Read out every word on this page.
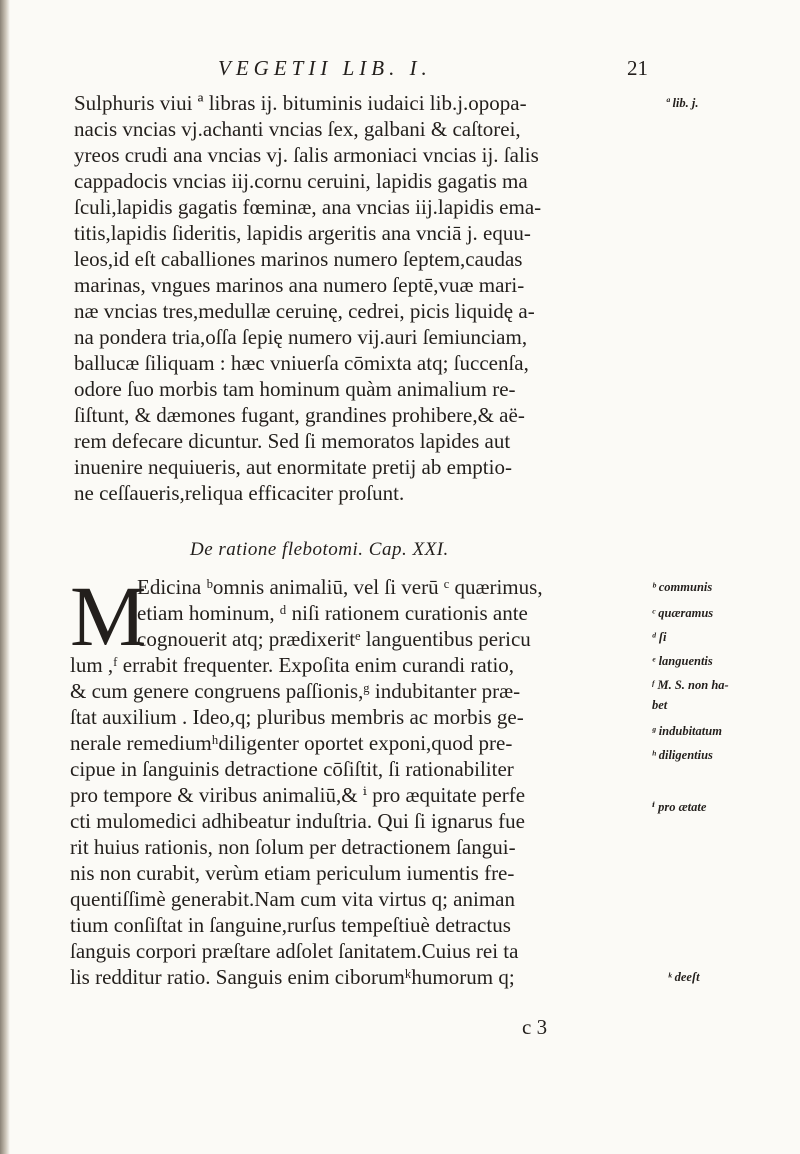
VEGETII LIB. I.	21
Sulphuris viui ª libras ij. bituminis iudaici lib.j.opopa-
nacis vncias vj.achanti vncias ſex, galbani & caſtorei,
yreos crudi ana vncias vj. ſalis armoniaci vncias ij. ſalis
cappadocis vncias iij.cornu ceruini, lapidis gagatis ma
ſculi,lapidis gagatis fœminæ, ana vncias iij.lapidis ema-
titis,lapidis ſideritis, lapidis argeritis ana vnciā j. equu-
leos,id eſt caballiones marinos numero ſeptem,caudas
marinas, vngues marinos ana numero ſeptē,vuæ mari-
næ vncias tres,medullæ ceruinę, cedrei, picis liquidę a-
na pondera tria,oſſa ſepię numero vij.auri ſemiunciam,
ballucæ ſiliquam : hæc vniuerſa cōmixta atq; ſuccenſa,
odore ſuo morbis tam hominum quàm animalium re-
ſiſtunt, & dæmones fugant, grandines prohibere,& aë-
rem defecare dicuntur. Sed ſi memoratos lapides aut
inuenire nequiueris, aut enormitate pretij ab emptio-
ne ceſſaueris,reliqua efficaciter proſunt.
De ratione flebotomi. Cap. XXI.
M
Edicina ᵇomnis animaliū, vel ſi verū ᶜ quærimus,
etiam hominum, ᵈ niſi rationem curationis ante
cognouerit atq; prædixeritᵉ languentibus pericu
lum ,ᶠ errabit frequenter. Expoſita enim curandi ratio,
& cum genere congruens paſſionis,ᵍ indubitanter præ-
ſtat auxilium . Ideo,q; pluribus membris ac morbis ge-
nerale remediumʰdiligenter oportet exponi,quod pre-
cipue in ſanguinis detractione cōſiſtit, ſi rationabiliter
pro tempore & viribus animaliū,& ⁱ pro æquitate perfe
cti mulomedici adhibeatur induſtria. Qui ſi ignarus fue
rit huius rationis, non ſolum per detractionem ſangui-
nis non curabit, verùm etiam periculum iumentis fre-
quentiſſimè generabit.Nam cum vita virtus q; animan
tium conſiſtat in ſanguine,rurſus tempeſtiuè detractus
ſanguis corpori præſtare adſolet ſanitatem.Cuius rei ta
lis redditur ratio. Sanguis enim ciborumᵏhumorum q;
ª lib. j.
ᵇ communis
ᶜ quæramus
ᵈ ſi
ᵉ languentis
ᶠ M. S. non ha-
bet
ᵍ indubitatum
ʰ diligentius
ⁱ pro ætate
ᵏ deeſt
c 3
